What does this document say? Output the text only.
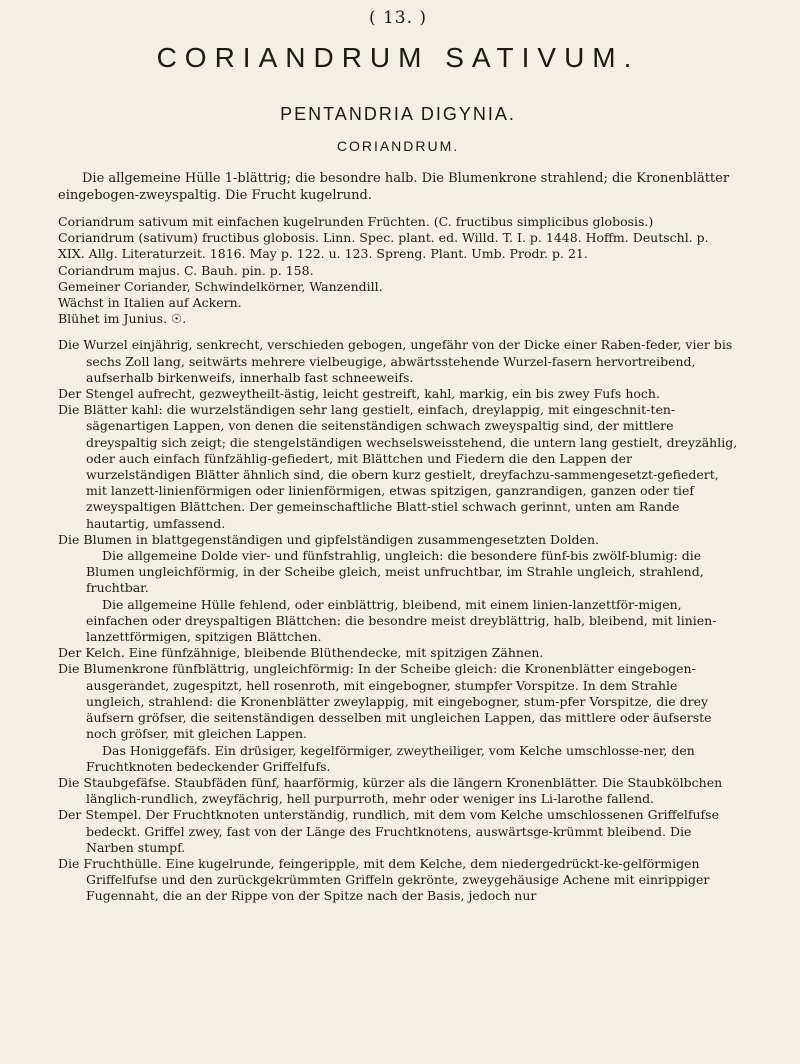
( 13. )
CORIANDRUM SATIVUM.
PENTANDRIA DIGYNIA.
CORIANDRUM.

Die allgemeine Hülle 1-blättrig; die besondre halb. Die Blumenkrone strahlend; die Kronenblätter eingebogen-zweyspaltig. Die Frucht kugelrund.

Coriandrum sativum mit einfachen kugelrunden Früchten. (C. fructibus simplicibus globosis.)
Coriandrum (sativum) fructibus globosis. Linn. Spec. plant. ed. Willd. T. I. p. 1448. Hoffm. Deutschl. p. XIX. Allg. Literaturzeit. 1816. May p. 122. u. 123. Spreng. Plant. Umb. Prodr. p. 21.
Coriandrum majus. C. Bauh. pin. p. 158.
Gemeiner Coriander, Schwindelkörner, Wanzendill.
Wächst in Italien auf Ackern.
Blühet im Junius. ☉.

Die Wurzel einjährig, senkrecht, verschieden gebogen, ungefähr von der Dicke einer Raben-feder, vier bis sechs Zoll lang, seitwärts mehrere vielbeugige, abwärtsstehende Wurzel-fasern hervortreibend, aufserhalb birkenweifs, innerhalb fast schneeweifs.

Der Stengel aufrecht, gezweytheilt-ästig, leicht gestreift, kahl, markig, ein bis zwey Fufs hoch.

Die Blätter kahl: die wurzelständigen sehr lang gestielt, einfach, dreylappig, mit eingeschnit-ten-sägenartigen Lappen, von denen die seitenständigen schwach zweyspaltig sind, der mittlere dreyspaltig sich zeigt; die stengelständigen wechselsweisstehend, die untern lang gestielt, dreyzählig, oder auch einfach fünfzählig-gefiedert, mit Blättchen und Fiedern die den Lappen der wurzelständigen Blätter ähnlich sind, die obern kurz gestielt, dreyfachzu-sammengesetzt-gefiedert, mit lanzett-linienförmigen oder linienförmigen, etwas spitzigen, ganzrandigen, ganzen oder tief zweyspaltigen Blättchen. Der gemeinschaftliche Blatt-stiel schwach gerinnt, unten am Rande hautartig, umfassend.

Die Blumen in blattgegenständigen und gipfelständigen zusammengesetzten Dolden.

Die allgemeine Dolde vier- und fünfstrahlig, ungleich: die besondere fünf-bis zwölf-blumig: die Blumen ungleichförmig, in der Scheibe gleich, meist unfruchtbar, im Strahle ungleich, strahlend, fruchtbar.

Die allgemeine Hülle fehlend, oder einblättrig, bleibend, mit einem linien-lanzettför-migen, einfachen oder dreyspaltigen Blättchen: die besondre meist dreyblättrig, halb, bleibend, mit linien-lanzettförmigen, spitzigen Blättchen.

Der Kelch. Eine fünfzähnige, bleibende Blüthendecke, mit spitzigen Zähnen.

Die Blumenkrone fünfblättrig, ungleichförmig: In der Scheibe gleich: die Kronenblätter eingebogen-ausgerandet, zugespitzt, hell rosenroth, mit eingebogner, stumpfer Vorspitze. In dem Strahle ungleich, strahlend: die Kronenblätter zweylappig, mit eingebogner, stum-pfer Vorspitze, die drey äufsern gröfser, die seitenständigen desselben mit ungleichen Lappen, das mittlere oder äufserste noch gröfser, mit gleichen Lappen.

Das Honiggefäfs. Ein drüsiger, kegelförmiger, zweytheiliger, vom Kelche umschlosse-ner, den Fruchtknoten bedeckender Griffelfufs.

Die Staubgefäfse. Staubfäden fünf, haarförmig, kürzer als die längern Kronenblätter. Die Staubkölbchen länglich-rundlich, zweyfächrig, hell purpurroth, mehr oder weniger ins Li-larothe fallend.

Der Stempel. Der Fruchtknoten unterständig, rundlich, mit dem vom Kelche umschlossenen Griffelfufse bedeckt. Griffel zwey, fast von der Länge des Fruchtknotens, auswärtsge-krümmt bleibend. Die Narben stumpf.

Die Fruchthülle. Eine kugelrunde, feingeripple, mit dem Kelche, dem niedergedrückt-ke-gelförmigen Griffelfufse und den zurückgekrümmten Griffeln gekrönte, zweygehäusige Achene mit einrippiger Fugennaht, die an der Rippe von der Spitze nach der Basis, jedoch nur
